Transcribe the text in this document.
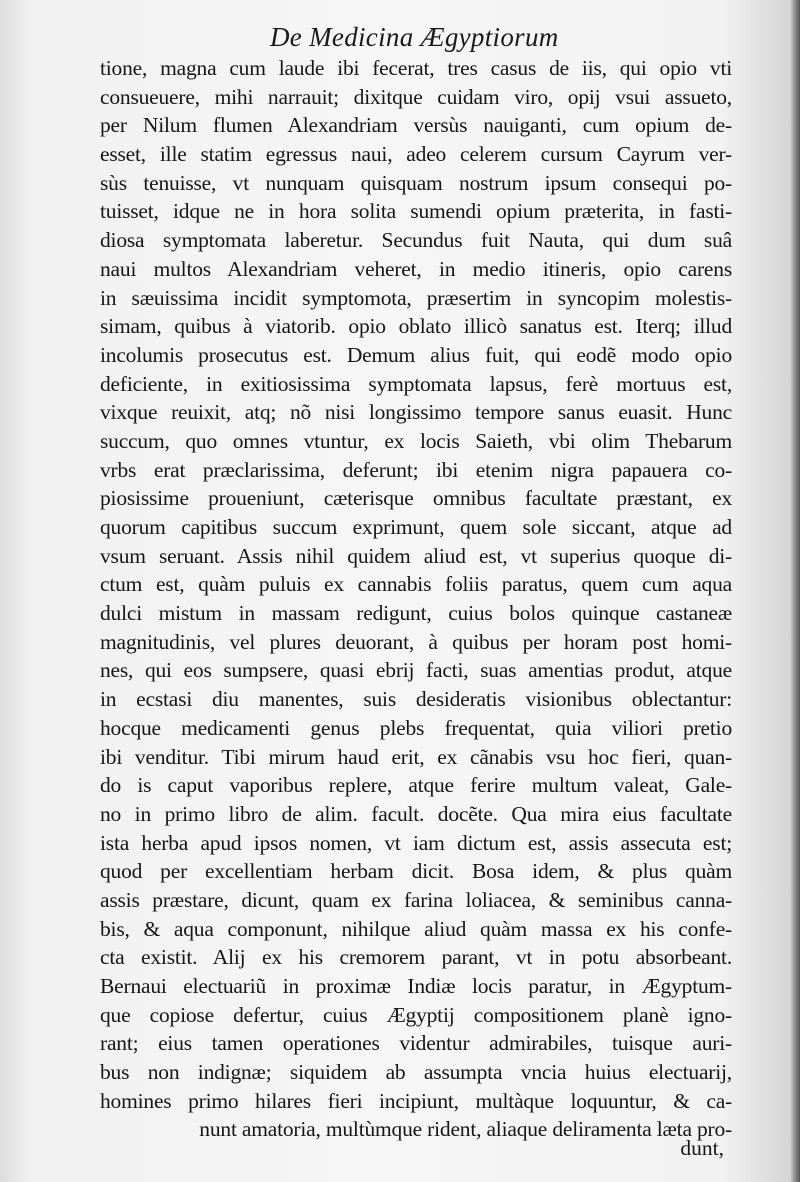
De Medicina Ægyptiorum
tione, magna cum laude ibi fecerat, tres casus de iis, qui opio vti
consueuere, mihi narrauit; dixitque cuidam viro, opij vsui assueto,
per Nilum flumen Alexandriam versùs nauiganti, cum opium de-
esset, ille statim egressus naui, adeo celerem cursum Cayrum ver-
sùs tenuisse, vt nunquam quisquam nostrum ipsum consequi po-
tuisset, idque ne in hora solita sumendi opium præterita, in fasti-
diosa symptomata laberetur. Secundus fuit Nauta, qui dum suâ
naui multos Alexandriam veheret, in medio itineris, opio carens
in sæuissima incidit symptomota, præsertim in syncopim molestis-
simam, quibus à viatorib. opio oblato illicò sanatus est. Iterq; illud
incolumis prosecutus est. Demum alius fuit, qui eodẽ modo opio
deficiente, in exitiosissima symptomata lapsus, ferè mortuus est,
vixque reuixit, atq; nõ nisi longissimo tempore sanus euasit. Hunc
succum, quo omnes vtuntur, ex locis Saieth, vbi olim Thebarum
vrbs erat præclarissima, deferunt; ibi etenim nigra papauera co-
piosissime proueniunt, cæterisque omnibus facultate præstant, ex
quorum capitibus succum exprimunt, quem sole siccant, atque ad
vsum seruant. Assis nihil quidem aliud est, vt superius quoque di-
ctum est, quàm puluis ex cannabis foliis paratus, quem cum aqua
dulci mistum in massam redigunt, cuius bolos quinque castaneæ
magnitudinis, vel plures deuorant, à quibus per horam post homi-
nes, qui eos sumpsere, quasi ebrij facti, suas amentias produt, atque
in ecstasi diu manentes, suis desideratis visionibus oblectantur:
hocque medicamenti genus plebs frequentat, quia viliori pretio
ibi venditur. Tibi mirum haud erit, ex cãnabis vsu hoc fieri, quan-
do is caput vaporibus replere, atque ferire multum valeat, Gale-
no in primo libro de alim. facult. docẽte. Qua mira eius facultate
ista herba apud ipsos nomen, vt iam dictum est, assis assecuta est;
quod per excellentiam herbam dicit. Bosa idem, & plus quàm
assis præstare, dicunt, quam ex farina loliacea, & seminibus canna-
bis, & aqua componunt, nihilque aliud quàm massa ex his confe-
cta existit. Alij ex his cremorem parant, vt in potu absorbeant.
Bernaui electuariũ in proximæ Indiæ locis paratur, in Ægyptum-
que copiose defertur, cuius Ægyptij compositionem planè igno-
rant; eius tamen operationes videntur admirabiles, tuisque auri-
bus non indignæ; siquidem ab assumpta vncia huius electuarij,
homines primo hilares fieri incipiunt, multàque loquuntur, & ca-
nunt amatoria, multùmque rident, aliaque deliramenta læta pro-
dunt,
